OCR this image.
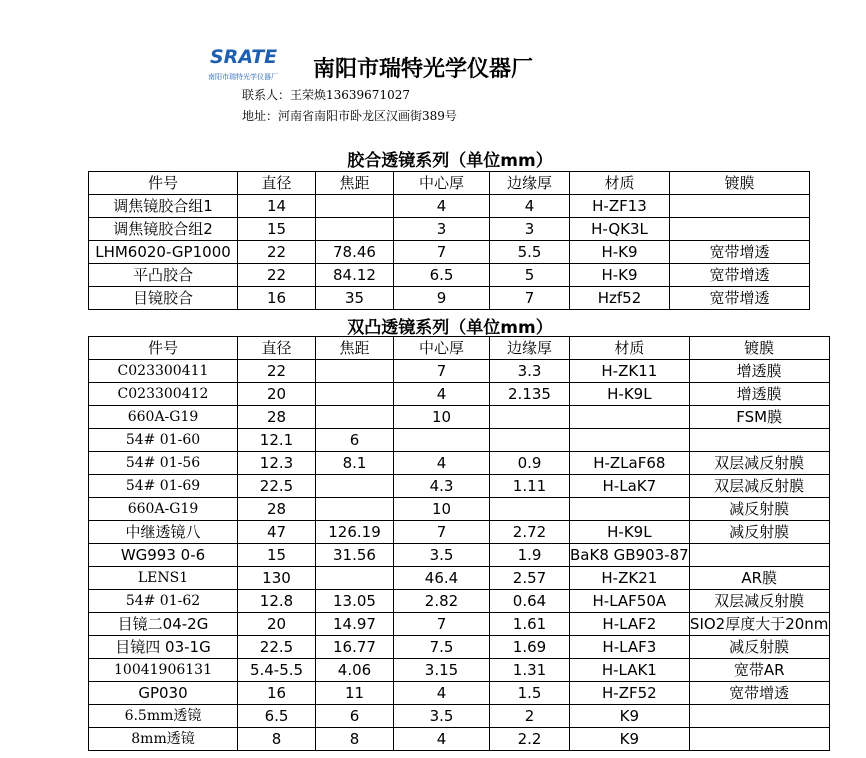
SRATE
南阳市瑞特光学仪器厂 南阳市瑞特光学仪器厂
联系人：王荣焕13639671027
地址：河南省南阳市卧龙区汉画街389号
胶合透镜系列（单位mm）
件号	直径	焦距	中心厚	边缘厚	材质	镀膜
调焦镜胶合组1	14		4	4	H-ZF13	
调焦镜胶合组2	15		3	3	H-QK3L	
LHM6020-GP1000	22	78.46	7	5.5	H-K9	宽带增透
平凸胶合	22	84.12	6.5	5	H-K9	宽带增透
目镜胶合	16	35	9	7	Hzf52	宽带增透
双凸透镜系列（单位mm）
件号	直径	焦距	中心厚	边缘厚	材质	镀膜
C023300411	22		7	3.3	H-ZK11	增透膜
C023300412	20		4	2.135	H-K9L	增透膜
660A-G19	28		10			FSM膜
54# 01-60	12.1	6				
54# 01-56	12.3	8.1	4	0.9	H-ZLaF68	双层减反射膜
54# 01-69	22.5		4.3	1.11	H-LaK7	双层减反射膜
660A-G19	28		10			减反射膜
中继透镜八	47	126.19	7	2.72	H-K9L	减反射膜
WG993 0-6	15	31.56	3.5	1.9	BaK8 GB903-87	
LENS1	130		46.4	2.57	H-ZK21	AR膜
54# 01-62	12.8	13.05	2.82	0.64	H-LAF50A	双层减反射膜
目镜二04-2G	20	14.97	7	1.61	H-LAF2	SIO2厚度大于20nm
目镜四 03-1G	22.5	16.77	7.5	1.69	H-LAF3	减反射膜
10041906131	5.4-5.5	4.06	3.15	1.31	H-LAK1	宽带AR
GP030	16	11	4	1.5	H-ZF52	宽带增透
6.5mm透镜	6.5	6	3.5	2	K9	
8mm透镜	8	8	4	2.2	K9	
